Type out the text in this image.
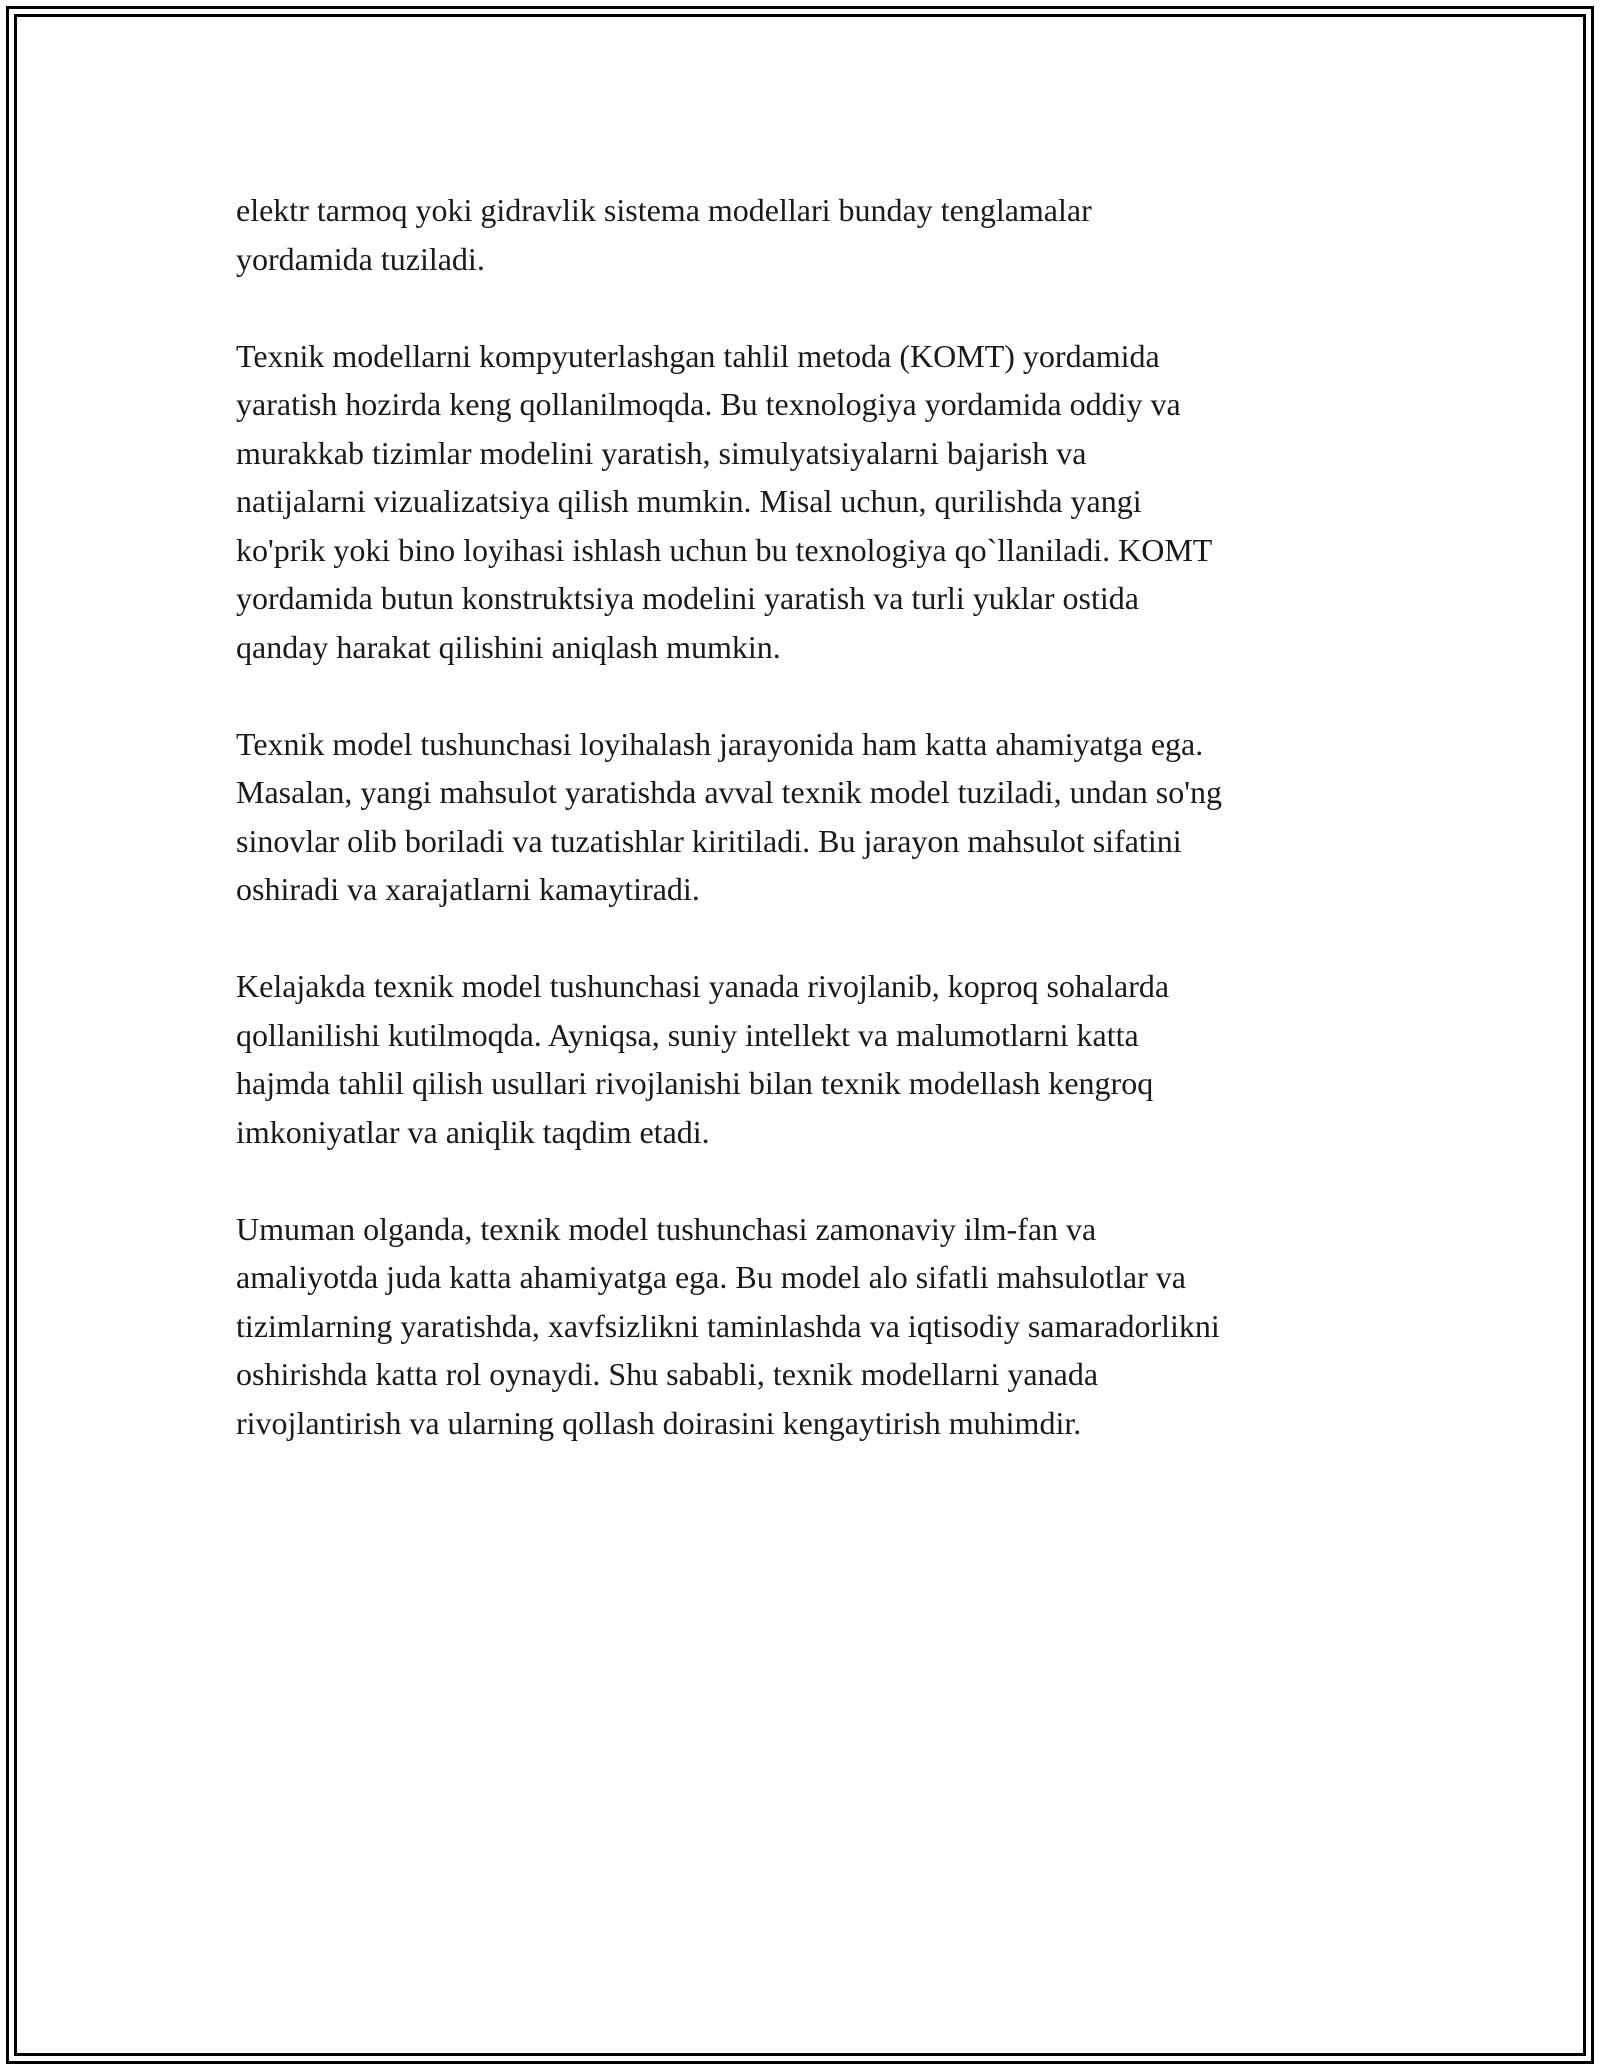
elektr tarmoq yoki gidravlik sistema modellari bunday tenglamalar
yordamida tuziladi.

Texnik modellarni kompyuterlashgan tahlil metoda (KOMT) yordamida
yaratish hozirda keng qollanilmoqda. Bu texnologiya yordamida oddiy va
murakkab tizimlar modelini yaratish, simulyatsiyalarni bajarish va
natijalarni vizualizatsiya qilish mumkin. Misal uchun, qurilishda yangi
ko'prik yoki bino loyihasi ishlash uchun bu texnologiya qo`llaniladi. KOMT
yordamida butun konstruktsiya modelini yaratish va turli yuklar ostida
qanday harakat qilishini aniqlash mumkin.

Texnik model tushunchasi loyihalash jarayonida ham katta ahamiyatga ega.
Masalan, yangi mahsulot yaratishda avval texnik model tuziladi, undan so'ng
sinovlar olib boriladi va tuzatishlar kiritiladi. Bu jarayon mahsulot sifatini
oshiradi va xarajatlarni kamaytiradi.

Kelajakda texnik model tushunchasi yanada rivojlanib, koproq sohalarda
qollanilishi kutilmoqda. Ayniqsa, suniy intellekt va malumotlarni katta
hajmda tahlil qilish usullari rivojlanishi bilan texnik modellash kengroq
imkoniyatlar va aniqlik taqdim etadi.

Umuman olganda, texnik model tushunchasi zamonaviy ilm-fan va
amaliyotda juda katta ahamiyatga ega. Bu model alo sifatli mahsulotlar va
tizimlarning yaratishda, xavfsizlikni taminlashda va iqtisodiy samaradorlikni
oshirishda katta rol oynaydi. Shu sababli, texnik modellarni yanada
rivojlantirish va ularning qollash doirasini kengaytirish muhimdir.
